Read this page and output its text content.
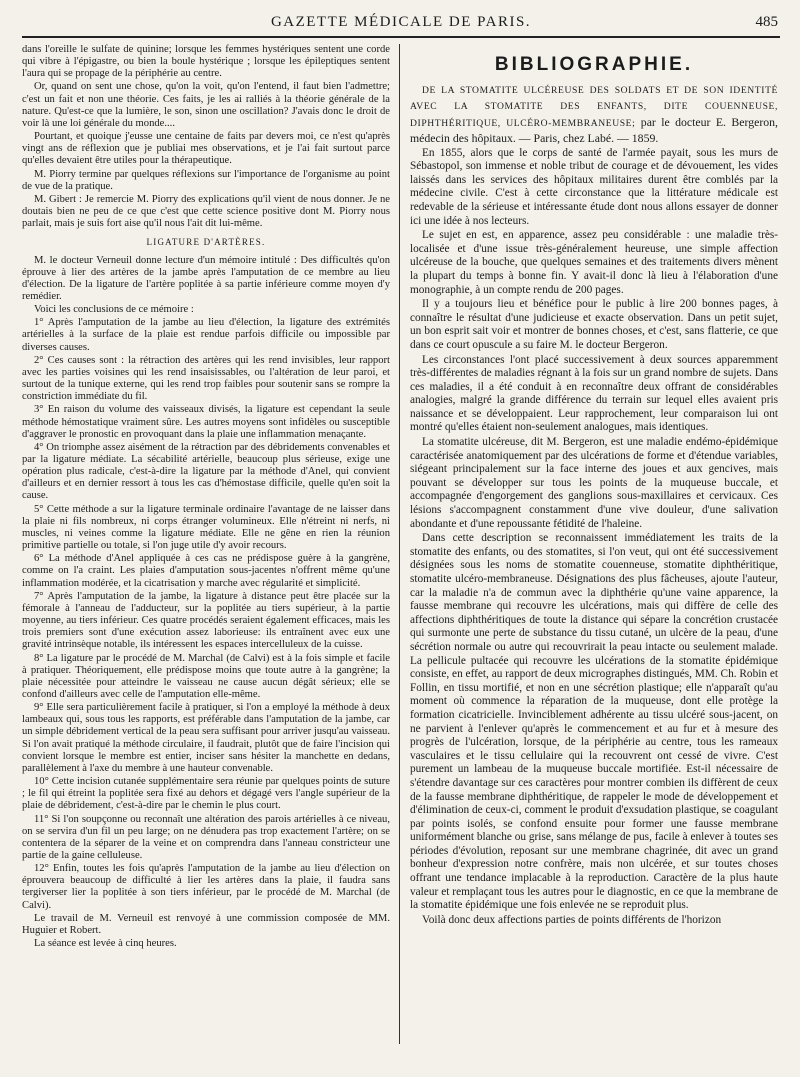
GAZETTE MÉDICALE DE PARIS.	485

dans l'oreille le sulfate de quinine; lorsque les femmes hystériques sentent une corde qui vibre à l'épigastre, ou bien la boule hystérique ; lorsque les épileptiques sentent l'aura qui se propage de la périphérie au centre.

Or, quand on sent une chose, qu'on la voit, qu'on l'entend, il faut bien l'admettre; c'est un fait et non une théorie. Ces faits, je les ai ralliés à la théorie générale de la nature. Qu'est-ce que la lumière, le son, sinon une oscillation? J'avais donc le droit de voir là une loi générale du monde....

Pourtant, et quoique j'eusse une centaine de faits par devers moi, ce n'est qu'après vingt ans de réflexion que je publiai mes observations, et je l'ai fait surtout parce qu'elles devaient être utiles pour la thérapeutique.

M. Piorry termine par quelques réflexions sur l'importance de l'organisme au point de vue de la pratique.

M. Gibert : Je remercie M. Piorry des explications qu'il vient de nous donner. Je ne doutais bien ne peu de ce que c'est que cette science positive dont M. Piorry nous parlait, mais je suis fort aise qu'il nous l'ait dit lui-même.

LIGATURE D'ARTÈRES.

M. le docteur Verneuil donne lecture d'un mémoire intitulé : Des difficultés qu'on éprouve à lier des artères de la jambe après l'amputation de ce membre au lieu d'élection. De la ligature de l'artère poplitée à sa partie inférieure comme moyen d'y remédier.

Voici les conclusions de ce mémoire :

1° Après l'amputation de la jambe au lieu d'élection, la ligature des extrémités artérielles à la surface de la plaie est rendue parfois difficile ou impossible par diverses causes.

2° Ces causes sont : la rétraction des artères qui les rend invisibles, leur rapport avec les parties voisines qui les rend insaisissables, ou l'altération de leur paroi, et surtout de la tunique externe, qui les rend trop faibles pour soutenir sans se rompre la constriction immédiate du fil.

3° En raison du volume des vaisseaux divisés, la ligature est cependant la seule méthode hémostatique vraiment sûre. Les autres moyens sont infidèles ou susceptible d'aggraver le pronostic en provoquant dans la plaie une inflammation menaçante.

4° On triomphe assez aisément de la rétraction par des débridements convenables et par la ligature médiate. La sécabilité artérielle, beaucoup plus sérieuse, exige une opération plus radicale, c'est-à-dire la ligature par la méthode d'Anel, qui convient d'ailleurs et en dernier ressort à tous les cas d'hémostase difficile, quelle qu'en soit la cause.

5° Cette méthode a sur la ligature terminale ordinaire l'avantage de ne laisser dans la plaie ni fils nombreux, ni corps étranger volumineux. Elle n'étreint ni nerfs, ni muscles, ni veines comme la ligature médiate. Elle ne gêne en rien la réunion primitive partielle ou totale, si l'on juge utile d'y avoir recours.

6° La méthode d'Anel appliquée à ces cas ne prédispose guère à la gangrène, comme on l'a craint. Les plaies d'amputation sous-jacentes n'offrent même qu'une inflammation modérée, et la cicatrisation y marche avec régularité et simplicité.

7° Après l'amputation de la jambe, la ligature à distance peut être placée sur la fémorale à l'anneau de l'adducteur, sur la poplitée au tiers supérieur, à la partie moyenne, au tiers inférieur. Ces quatre procédés seraient également efficaces, mais les trois premiers sont d'une exécution assez laborieuse: ils entraînent avec eux une gravité intrinsèque notable, ils intéressent les espaces intercelluleux de la cuisse.

8° La ligature par le procédé de M. Marchal (de Calvi) est à la fois simple et facile à pratiquer. Théoriquement, elle prédispose moins que toute autre à la gangrène; la plaie nécessitée pour atteindre le vaisseau ne cause aucun dégât sérieux; elle se confond d'ailleurs avec celle de l'amputation elle-même.

9° Elle sera particulièrement facile à pratiquer, si l'on a employé la méthode à deux lambeaux qui, sous tous les rapports, est préférable dans l'amputation de la jambe, car un simple débridement vertical de la peau sera suffisant pour arriver jusqu'au vaisseau. Si l'on avait pratiqué la méthode circulaire, il faudrait, plutôt que de faire l'incision qui convient lorsque le membre est entier, inciser sans hésiter la manchette en dedans, parallèlement à l'axe du membre à une hauteur convenable.

10° Cette incision cutanée supplémentaire sera réunie par quelques points de suture ; le fil qui étreint la poplitée sera fixé au dehors et dégagé vers l'angle supérieur de la plaie de débridement, c'est-à-dire par le chemin le plus court.

11° Si l'on soupçonne ou reconnaît une altération des parois artérielles à ce niveau, on se servira d'un fil un peu large; on ne dénudera pas trop exactement l'artère; on se contentera de la séparer de la veine et on comprendra dans l'anneau constricteur une partie de la gaine celluleuse.

12° Enfin, toutes les fois qu'après l'amputation de la jambe au lieu d'élection on éprouvera beaucoup de difficulté à lier les artères dans la plaie, il faudra sans tergiverser lier la poplitée à son tiers inférieur, par le procédé de M. Marchal (de Calvi).

Le travail de M. Verneuil est renvoyé à une commission composée de MM. Huguier et Robert.

La séance est levée à cinq heures.

BIBLIOGRAPHIE.

DE LA STOMATITE ULCÉREUSE DES SOLDATS ET DE SON IDENTITÉ AVEC LA STOMATITE DES ENFANTS, DITE COUENNEUSE, DIPHTHÉRITIQUE, ULCÉRO-MEMBRANEUSE; par le docteur E. Bergeron, médecin des hôpitaux. — Paris, chez Labé. — 1859.

En 1855, alors que le corps de santé de l'armée payait, sous les murs de Sébastopol, son immense et noble tribut de courage et de dévouement, les vides laissés dans les services des hôpitaux militaires durent être comblés par la médecine civile. C'est à cette circonstance que la littérature médicale est redevable de la sérieuse et intéressante étude dont nous allons essayer de donner ici une idée à nos lecteurs.

Le sujet en est, en apparence, assez peu considérable : une maladie très-localisée et d'une issue très-généralement heureuse, une simple affection ulcéreuse de la bouche, que quelques semaines et des traitements divers mènent la plupart du temps à bonne fin. Y avait-il donc là lieu à l'élaboration d'une monographie, à un compte rendu de 200 pages.

Il y a toujours lieu et bénéfice pour le public à lire 200 bonnes pages, à connaître le résultat d'une judicieuse et exacte observation. Dans un petit sujet, un bon esprit sait voir et montrer de bonnes choses, et c'est, sans flatterie, ce que dans ce court opuscule a su faire M. le docteur Bergeron.

Les circonstances l'ont placé successivement à deux sources apparemment très-différentes de maladies régnant à la fois sur un grand nombre de sujets. Dans ces maladies, il a été conduit à en reconnaître deux offrant de considérables analogies, malgré la grande différence du terrain sur lequel elles avaient pris naissance et se développaient. Leur rapprochement, leur comparaison lui ont montré qu'elles étaient non-seulement analogues, mais identiques.

La stomatite ulcéreuse, dit M. Bergeron, est une maladie endémo-épidémique caractérisée anatomiquement par des ulcérations de forme et d'étendue variables, siégeant principalement sur la face interne des joues et aux gencives, mais pouvant se développer sur tous les points de la muqueuse buccale, et accompagnée d'engorgement des ganglions sous-maxillaires et cervicaux. Ces lésions s'accompagnent constamment d'une vive douleur, d'une salivation abondante et d'une repoussante fétidité de l'haleine.

Dans cette description se reconnaissent immédiatement les traits de la stomatite des enfants, ou des stomatites, si l'on veut, qui ont été successivement désignées sous les noms de stomatite couenneuse, stomatite diphthéritique, stomatite ulcéro-membraneuse. Désignations des plus fâcheuses, ajoute l'auteur, car la maladie n'a de commun avec la diphthérie qu'une vaine apparence, la fausse membrane qui recouvre les ulcérations, mais qui diffère de celle des affections diphthéritiques de toute la distance qui sépare la concrétion crustacée qui surmonte une perte de substance du tissu cutané, un ulcère de la peau, d'une sécrétion normale ou autre qui recouvrirait la peau intacte ou seulement malade. La pellicule pultacée qui recouvre les ulcérations de la stomatite épidémique consiste, en effet, au rapport de deux micrographes distingués, MM. Ch. Robin et Follin, en tissu mortifié, et non en une sécrétion plastique; elle n'apparaît qu'au moment où commence la réparation de la muqueuse, dont elle protège la formation cicatricielle. Invinciblement adhérente au tissu ulcéré sous-jacent, on ne parvient à l'enlever qu'après le commencement et au fur et à mesure des progrès de l'ulcération, lorsque, de la périphérie au centre, tous les rameaux vasculaires et le tissu cellulaire qui la recouvrent ont cessé de vivre. C'est purement un lambeau de la muqueuse buccale mortifiée. Est-il nécessaire de s'étendre davantage sur ces caractères pour montrer combien ils diffèrent de ceux de la fausse membrane diphthéritique, de rappeler le mode de développement et d'élimination de ceux-ci, comment le produit d'exsudation plastique, se coagulant par points isolés, se confond ensuite pour former une fausse membrane uniformément blanche ou grise, sans mélange de pus, facile à enlever à toutes ses périodes d'évolution, reposant sur une membrane chagrinée, dit avec un grand bonheur d'expression notre confrère, mais non ulcérée, et sur toutes choses offrant une tendance implacable à la reproduction. Caractère de la plus haute valeur et remplaçant tous les autres pour le diagnostic, en ce que la membrane de la stomatite épidémique une fois enlevée ne se reproduit plus.

Voilà donc deux affections parties de points différents de l'horizon
